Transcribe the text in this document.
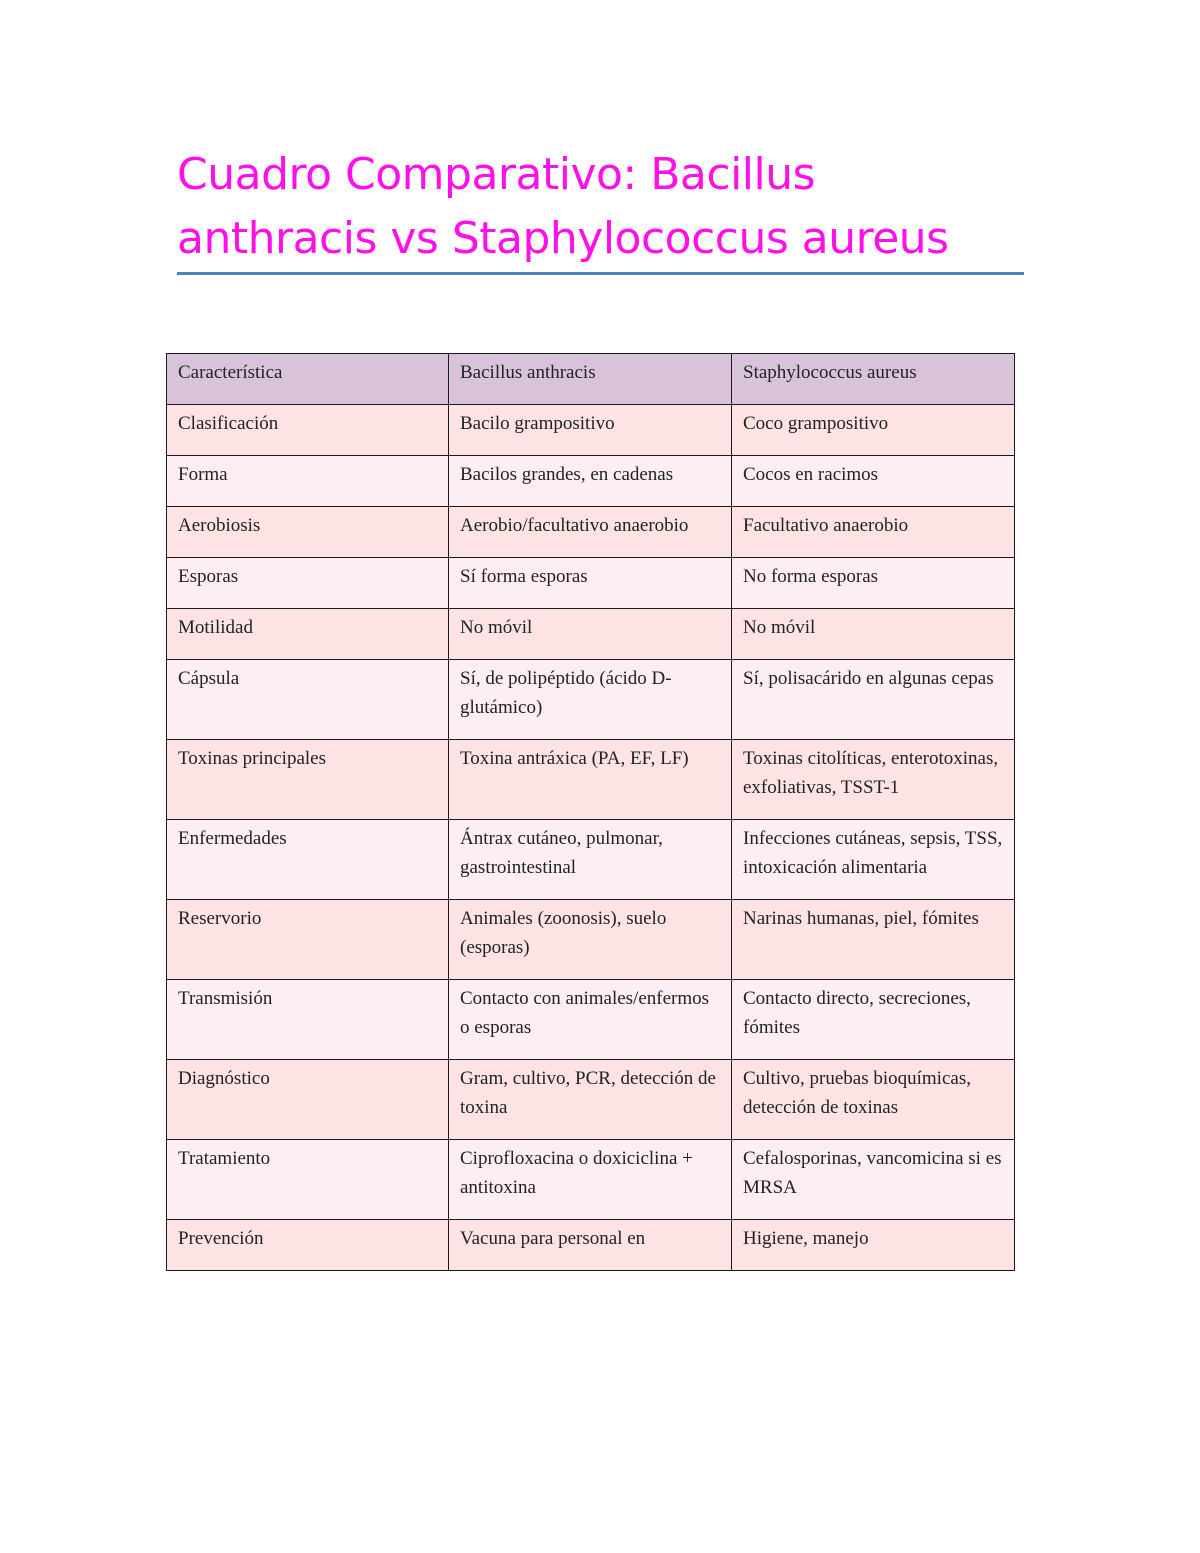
Cuadro Comparativo: Bacillus anthracis vs Staphylococcus aureus
Característica	Bacillus anthracis	Staphylococcus aureus
Clasificación	Bacilo grampositivo	Coco grampositivo
Forma	Bacilos grandes, en cadenas	Cocos en racimos
Aerobiosis	Aerobio/facultativo anaerobio	Facultativo anaerobio
Esporas	Sí forma esporas	No forma esporas
Motilidad	No móvil	No móvil
Cápsula	Sí, de polipéptido (ácido D-glutámico)	Sí, polisacárido en algunas cepas
Toxinas principales	Toxina antráxica (PA, EF, LF)	Toxinas citolíticas, enterotoxinas, exfoliativas, TSST-1
Enfermedades	Ántrax cutáneo, pulmonar, gastrointestinal	Infecciones cutáneas, sepsis, TSS, intoxicación alimentaria
Reservorio	Animales (zoonosis), suelo (esporas)	Narinas humanas, piel, fómites
Transmisión	Contacto con animales/enfermos o esporas	Contacto directo, secreciones, fómites
Diagnóstico	Gram, cultivo, PCR, detección de toxina	Cultivo, pruebas bioquímicas, detección de toxinas
Tratamiento	Ciprofloxacina o doxiciclina + antitoxina	Cefalosporinas, vancomicina si es MRSA
Prevención	Vacuna para personal en	Higiene, manejo
